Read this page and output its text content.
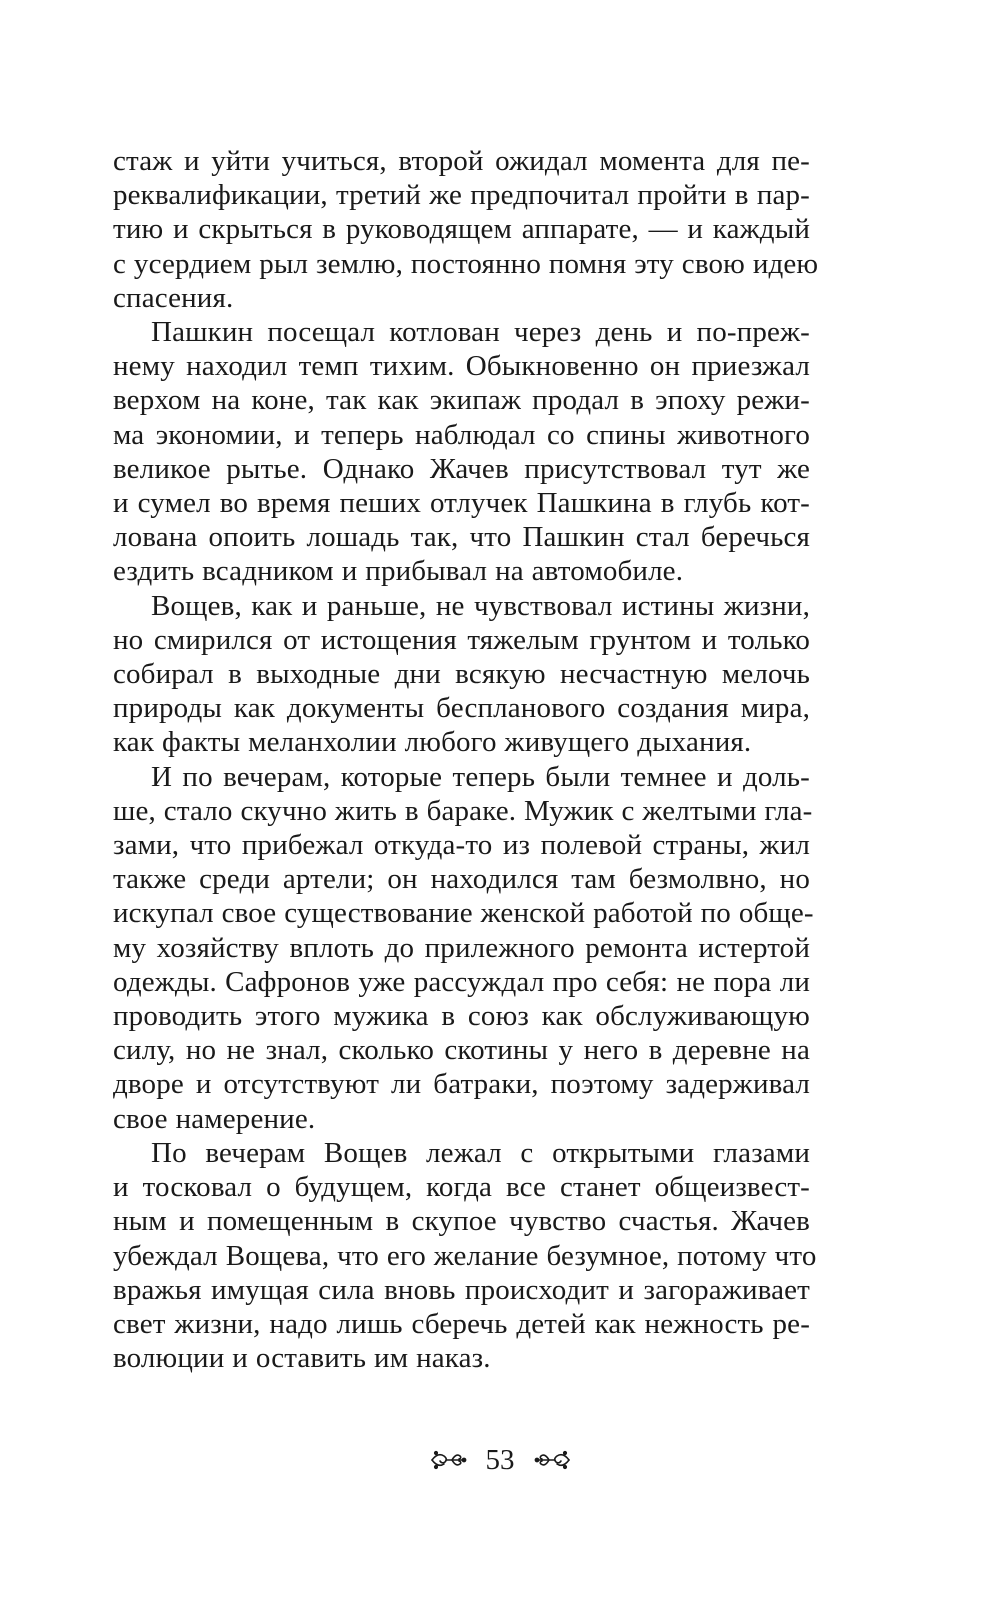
стаж и уйти учиться, второй ожидал момента для пе-
реквалификации, третий же предпочитал пройти в пар-
тию и скрыться в руководящем аппарате, — и каждый
с усердием рыл землю, постоянно помня эту свою идею
спасения.
Пашкин посещал котлован через день и по-преж-
нему находил темп тихим. Обыкновенно он приезжал
верхом на коне, так как экипаж продал в эпоху режи-
ма экономии, и теперь наблюдал со спины животного
великое рытье. Однако Жачев присутствовал тут же
и сумел во время пеших отлучек Пашкина в глубь кот-
лована опоить лошадь так, что Пашкин стал беречься
ездить всадником и прибывал на автомобиле.
Вощев, как и раньше, не чувствовал истины жизни,
но смирился от истощения тяжелым грунтом и только
собирал в выходные дни всякую несчастную мелочь
природы как документы беспланового создания мира,
как факты меланхолии любого живущего дыхания.
И по вечерам, которые теперь были темнее и доль-
ше, стало скучно жить в бараке. Мужик с желтыми гла-
зами, что прибежал откуда-то из полевой страны, жил
также среди артели; он находился там безмолвно, но
искупал свое существование женской работой по обще-
му хозяйству вплоть до прилежного ремонта истертой
одежды. Сафронов уже рассуждал про себя: не пора ли
проводить этого мужика в союз как обслуживающую
силу, но не знал, сколько скотины у него в деревне на
дворе и отсутствуют ли батраки, поэтому задерживал
свое намерение.
По вечерам Вощев лежал с открытыми глазами
и тосковал о будущем, когда все станет общеизвест-
ным и помещенным в скупое чувство счастья. Жачев
убеждал Вощева, что его желание безумное, потому что
вражья имущая сила вновь происходит и загораживает
свет жизни, надо лишь сберечь детей как нежность ре-
волюции и оставить им наказ.
53
